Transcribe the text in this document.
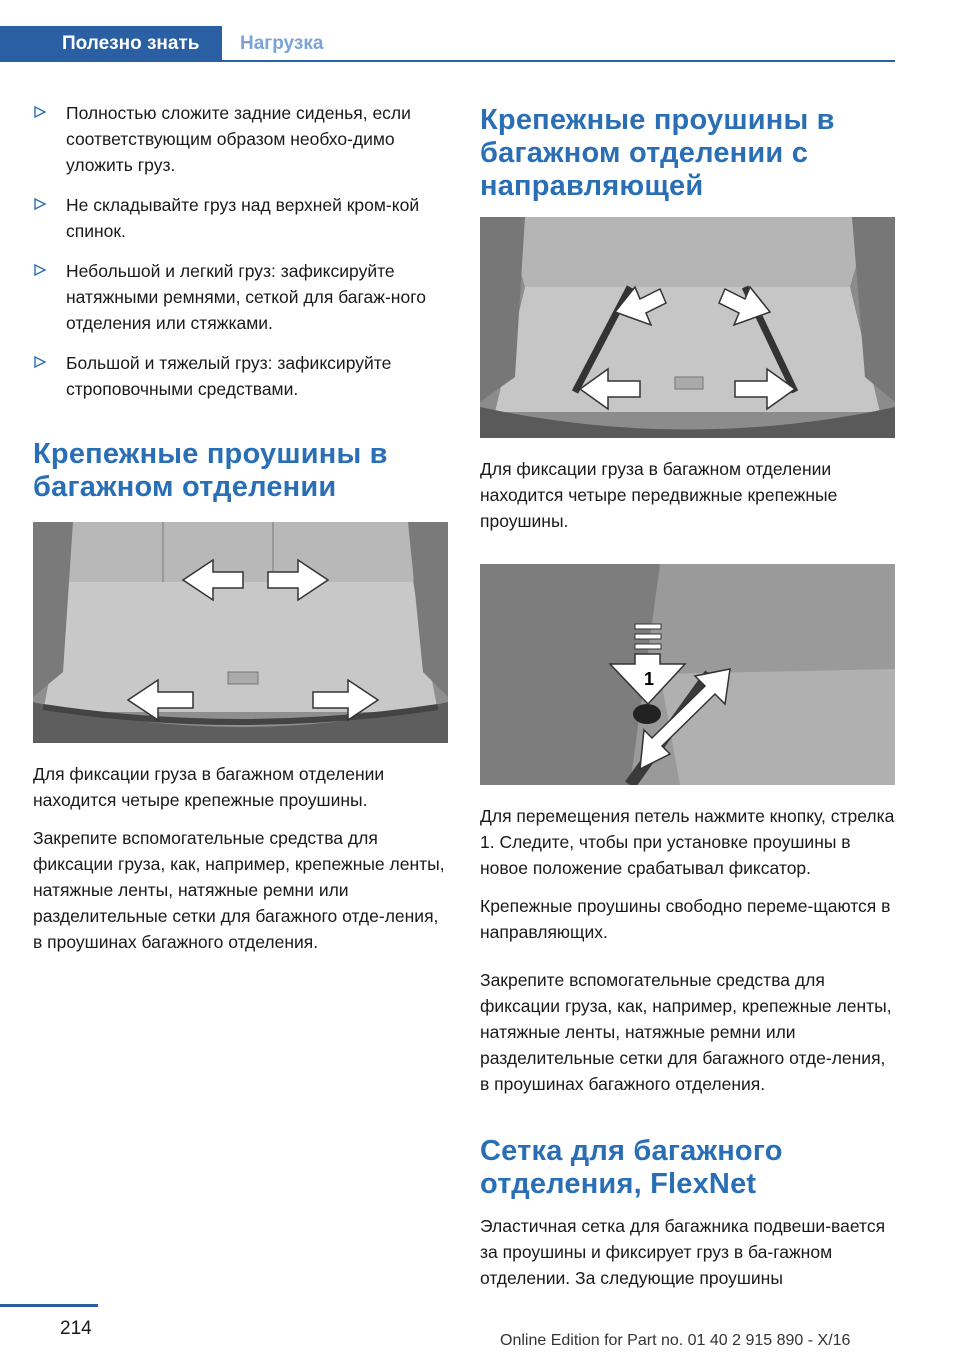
Полезно знать	Нагрузка
Полностью сложите задние сиденья, если соответствующим образом необхо-димо уложить груз.
Не складывайте груз над верхней кром-кой спинок.
Небольшой и легкий груз: зафиксируйте натяжными ремнями, сеткой для багаж-ного отделения или стяжками.
Большой и тяжелый груз: зафиксируйте строповочными средствами.
Крепежные проушины в багажном отделении

Для фиксации груза в багажном отделении находится четыре крепежные проушины.

Закрепите вспомогательные средства для фиксации груза, как, например, крепежные ленты, натяжные ленты, натяжные ремни или разделительные сетки для багажного отде-ления, в проушинах багажного отделения.

Крепежные проушины в багажном отделении с направляющей

Для фиксации груза в багажном отделении находится четыре передвижные крепежные проушины.

1

Для перемещения петель нажмите кнопку, стрелка 1. Следите, чтобы при установке проушины в новое положение срабатывал фиксатор.

Крепежные проушины свободно переме-щаются в направляющих.

Закрепите вспомогательные средства для фиксации груза, как, например, крепежные ленты, натяжные ленты, натяжные ремни или разделительные сетки для багажного отде-ления, в проушинах багажного отделения.

Сетка для багажного отделения, FlexNet

Эластичная сетка для багажника подвеши-вается за проушины и фиксирует груз в ба-гажном отделении. За следующие проушины

214
Online Edition for Part no. 01 40 2 915 890 - X/16
